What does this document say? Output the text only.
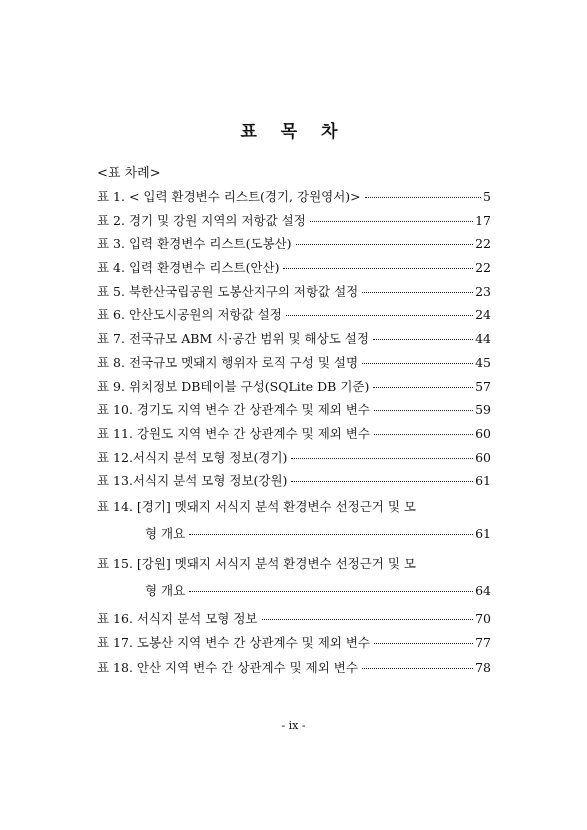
표 목 차
<표 차례>
표 1. < 입력 환경변수 리스트(경기, 강원영서)>	5
표 2. 경기 및 강원 지역의 저항값 설정	17
표 3. 입력 환경변수 리스트(도봉산)	22
표 4. 입력 환경변수 리스트(안산)	22
표 5. 북한산국립공원 도봉산지구의 저항값 설정	23
표 6. 안산도시공원의 저항값 설정	24
표 7. 전국규모 ABM 시·공간 범위 및 해상도 설정	44
표 8. 전국규모 멧돼지 행위자 로직 구성 및 설명	45
표 9. 위치정보 DB테이블 구성(SQLite DB 기준)	57
표 10. 경기도 지역 변수 간 상관계수 및 제외 변수	59
표 11. 강원도 지역 변수 간 상관계수 및 제외 변수	60
표 12.서식지 분석 모형 정보(경기)	60
표 13.서식지 분석 모형 정보(강원)	61
표 14. [경기] 멧돼지 서식지 분석 환경변수 선정근거 및 모
형 개요	61
표 15. [강원] 멧돼지 서식지 분석 환경변수 선정근거 및 모
형 개요	64
표 16. 서식지 분석 모형 정보	70
표 17. 도봉산 지역 변수 간 상관계수 및 제외 변수	77
표 18. 안산 지역 변수 간 상관계수 및 제외 변수	78
- ix -
